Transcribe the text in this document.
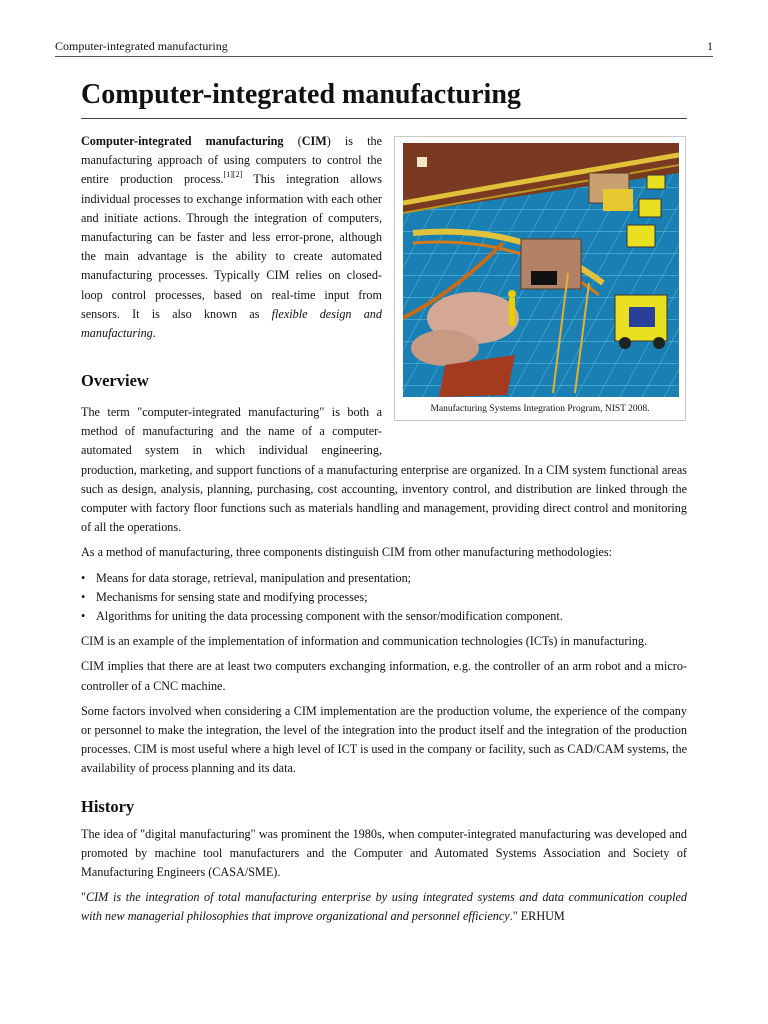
Computer-integrated manufacturing	1
Computer-integrated manufacturing

Computer-integrated manufacturing (CIM) is the manufacturing approach of using computers to control the entire production process.[1][2] This integration allows individual processes to exchange information with each other and initiate actions. Through the integration of computers, manufacturing can be faster and less error-prone, although the main advantage is the ability to create automated manufacturing processes. Typically CIM relies on closed-loop control processes, based on real-time input from sensors. It is also known as flexible design and manufacturing.

Manufacturing Systems Integration Program, NIST 2008.
Overview

The term "computer-integrated manufacturing" is both a method of manufacturing and the name of a computer-automated system in which individual engineering, production, marketing, and support functions of a manufacturing enterprise are organized. In a CIM system functional areas such as design, analysis, planning, purchasing, cost accounting, inventory control, and distribution are linked through the computer with factory floor functions such as materials handling and management, providing direct control and monitoring of all the operations.

As a method of manufacturing, three components distinguish CIM from other manufacturing methodologies:

• Means for data storage, retrieval, manipulation and presentation;
• Mechanisms for sensing state and modifying processes;
• Algorithms for uniting the data processing component with the sensor/modification component.

CIM is an example of the implementation of information and communication technologies (ICTs) in manufacturing.

CIM implies that there are at least two computers exchanging information, e.g. the controller of an arm robot and a micro-controller of a CNC machine.

Some factors involved when considering a CIM implementation are the production volume, the experience of the company or personnel to make the integration, the level of the integration into the product itself and the integration of the production processes. CIM is most useful where a high level of ICT is used in the company or facility, such as CAD/CAM systems, the availability of process planning and its data.

History

The idea of "digital manufacturing" was prominent the 1980s, when computer-integrated manufacturing was developed and promoted by machine tool manufacturers and the Computer and Automated Systems Association and Society of Manufacturing Engineers (CASA/SME).

"CIM is the integration of total manufacturing enterprise by using integrated systems and data communication coupled with new managerial philosophies that improve organizational and personnel efficiency." ERHUM
